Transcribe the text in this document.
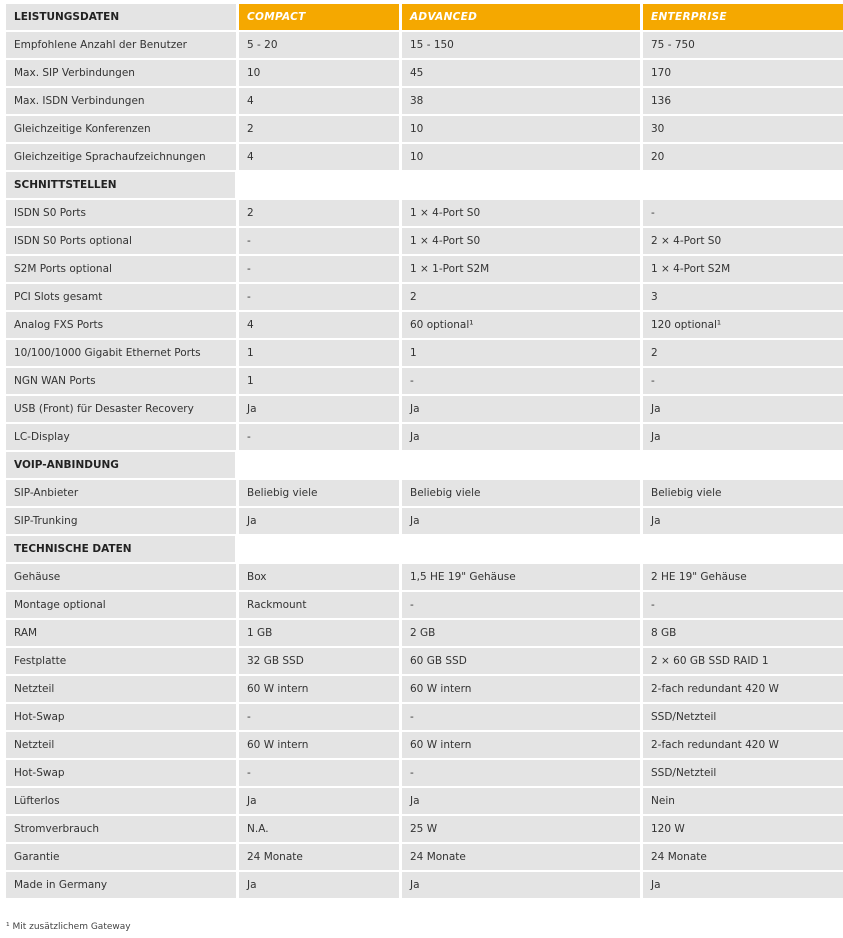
LEISTUNGSDATEN	COMPACT	ADVANCED	ENTERPRISE
Empfohlene Anzahl der Benutzer	5 - 20	15 - 150	75 - 750
Max. SIP Verbindungen	10	45	170
Max. ISDN Verbindungen	4	38	136
Gleichzeitige Konferenzen	2	10	30
Gleichzeitige Sprachaufzeichnungen	4	10	20
SCHNITTSTELLEN
ISDN S0 Ports	2	1 × 4-Port S0	-
ISDN S0 Ports optional	-	1 × 4-Port S0	2 × 4-Port S0
S2M Ports optional	-	1 × 1-Port S2M	1 × 4-Port S2M
PCI Slots gesamt	-	2	3
Analog FXS Ports	4	60 optional¹	120 optional¹
10/100/1000 Gigabit Ethernet Ports	1	1	2
NGN WAN Ports	1	-	-
USB (Front) für Desaster Recovery	Ja	Ja	Ja
LC-Display	-	Ja	Ja
VOIP-ANBINDUNG
SIP-Anbieter	Beliebig viele	Beliebig viele	Beliebig viele
SIP-Trunking	Ja	Ja	Ja
TECHNISCHE DATEN
Gehäuse	Box	1,5 HE 19" Gehäuse	2 HE 19" Gehäuse
Montage optional	Rackmount	-	-
RAM	1 GB	2 GB	8 GB
Festplatte	32 GB SSD	60 GB SSD	2 × 60 GB SSD RAID 1
Netzteil	60 W intern	60 W intern	2-fach redundant 420 W
Hot-Swap	-	-	SSD/Netzteil
Netzteil	60 W intern	60 W intern	2-fach redundant 420 W
Hot-Swap	-	-	SSD/Netzteil
Lüfterlos	Ja	Ja	Nein
Stromverbrauch	N.A.	25 W	120 W
Garantie	24 Monate	24 Monate	24 Monate
Made in Germany	Ja	Ja	Ja
¹ Mit zusätzlichem Gateway
